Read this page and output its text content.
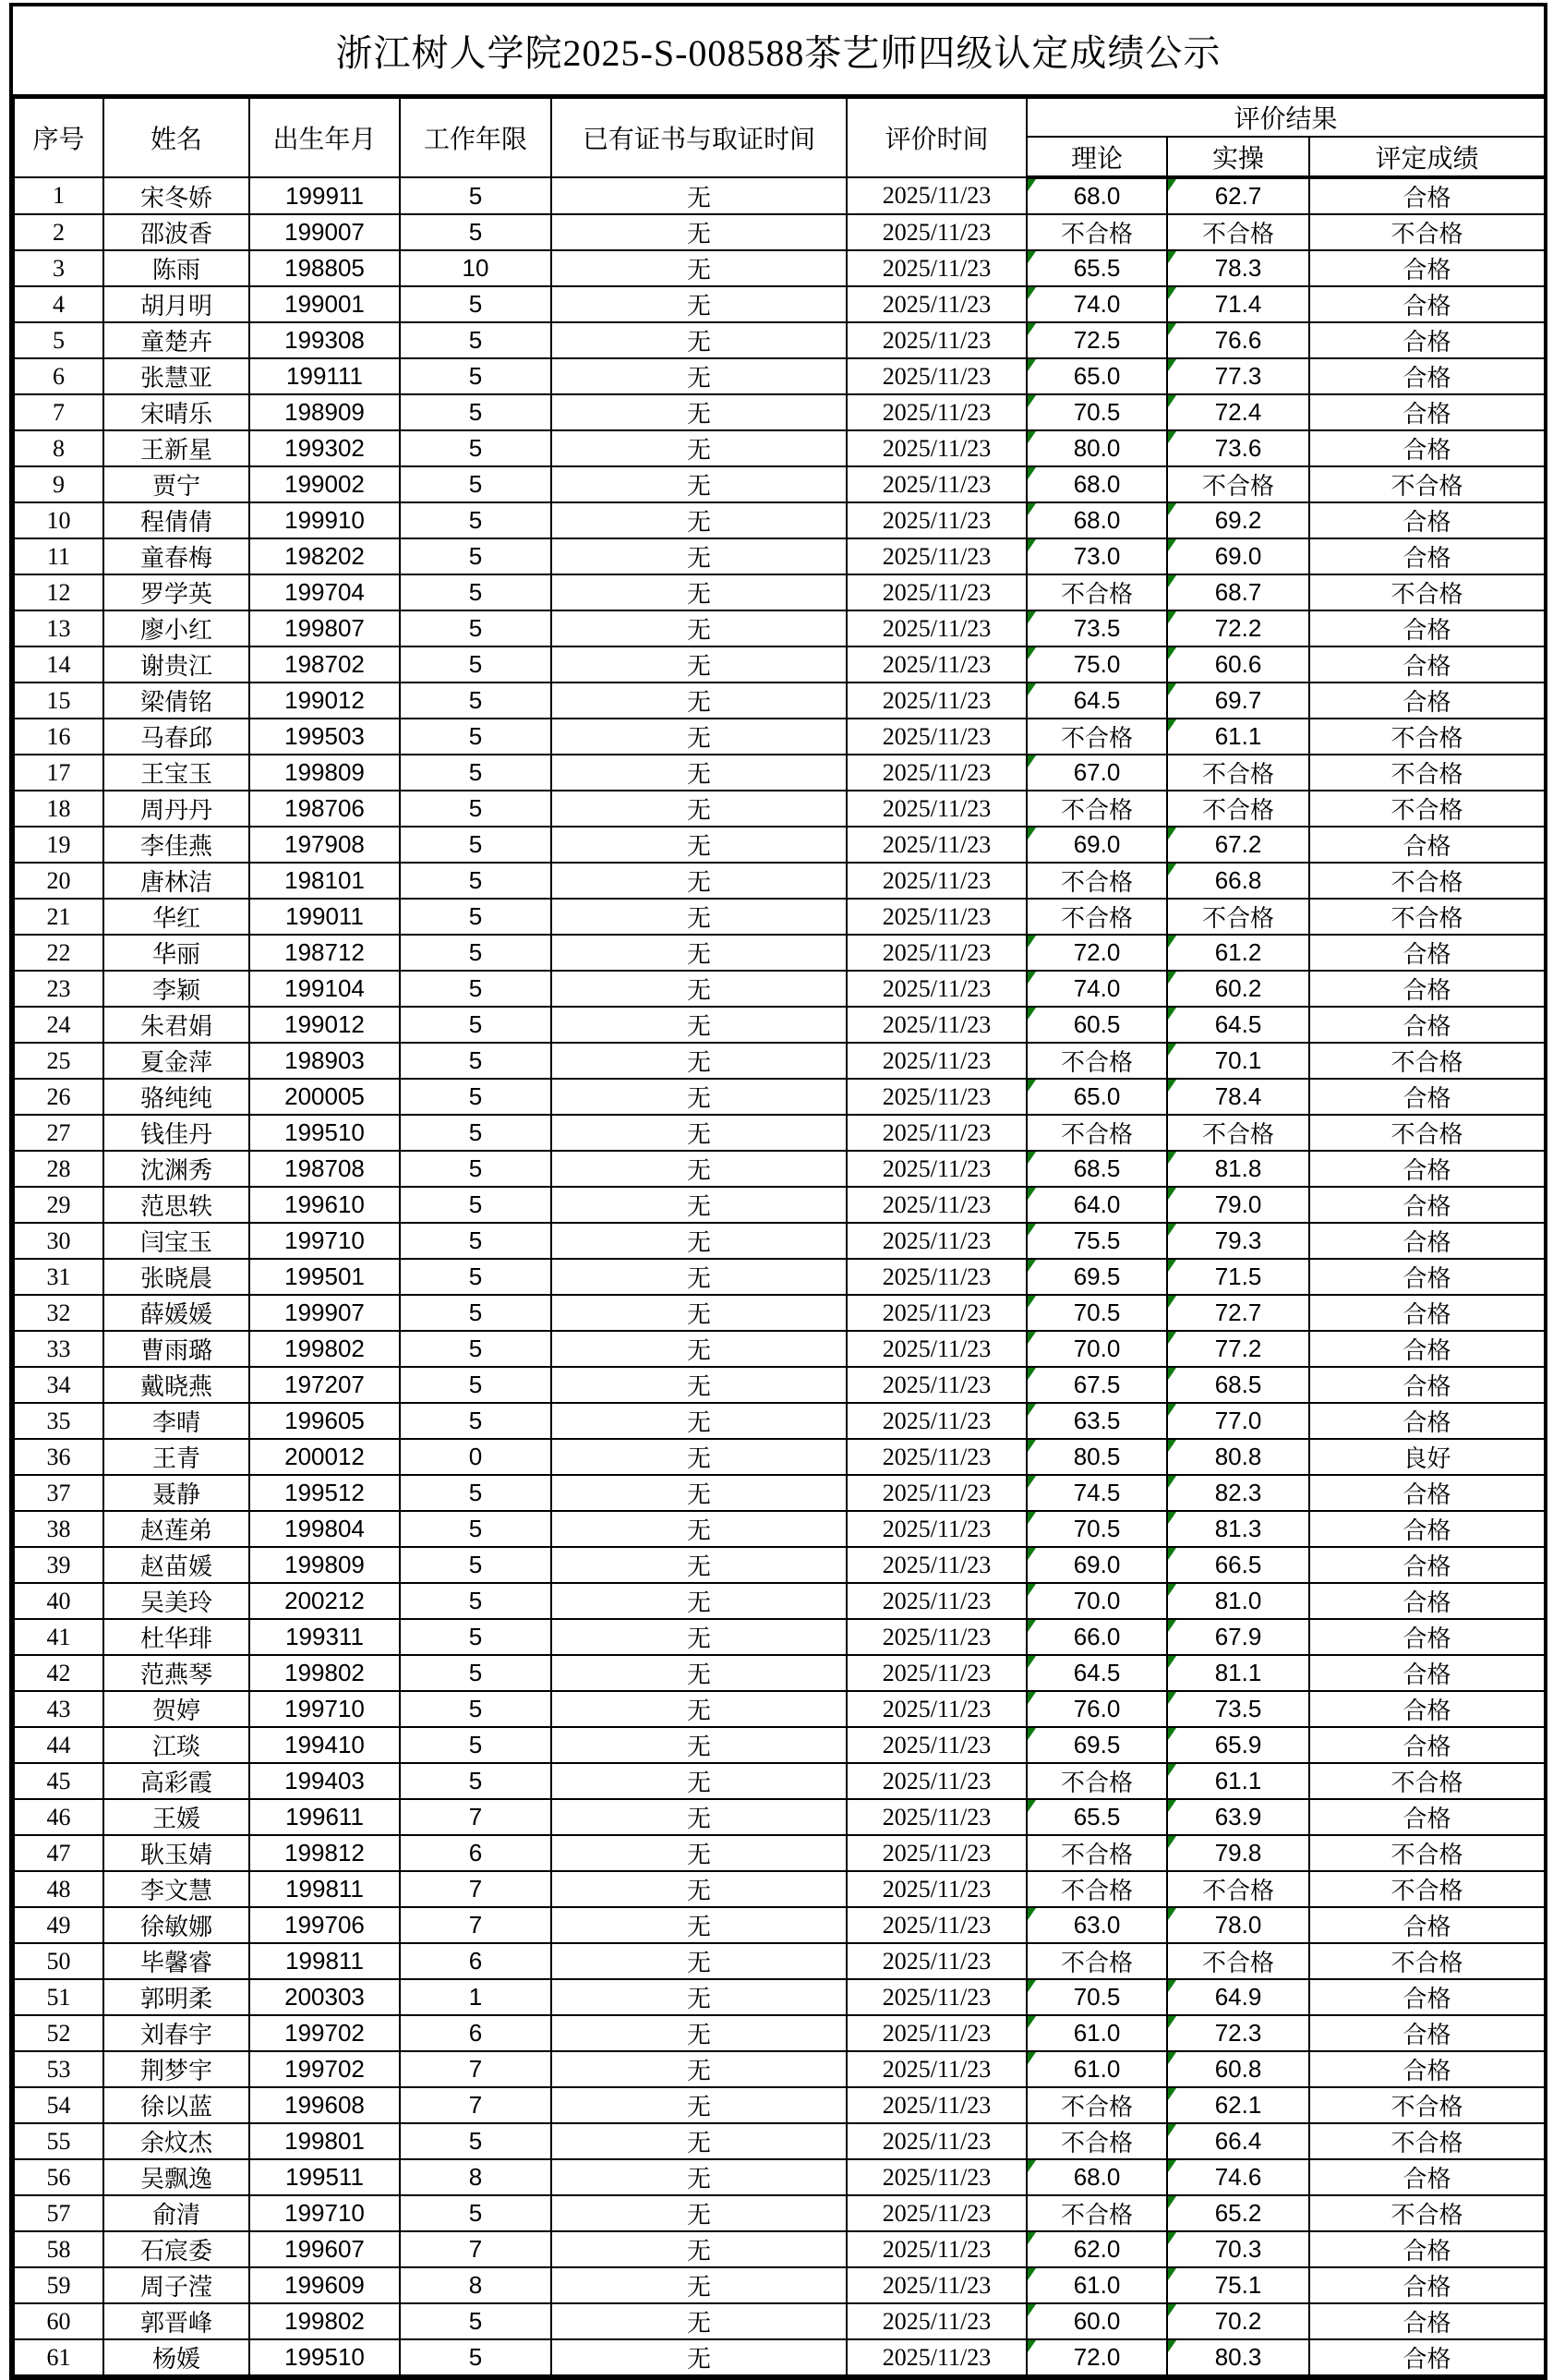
浙江树人学院2025-S-008588茶艺师四级认定成绩公示
序号	姓名	出生年月	工作年限	已有证书与取证时间	评价时间	评价结果		
						理论	实操	评定成绩
1	宋冬娇	199911	5	无	2025/11/23	68.0	62.7	合格
2	邵波香	199007	5	无	2025/11/23	不合格	不合格	不合格
3	陈雨	198805	10	无	2025/11/23	65.5	78.3	合格
4	胡月明	199001	5	无	2025/11/23	74.0	71.4	合格
5	童楚卉	199308	5	无	2025/11/23	72.5	76.6	合格
6	张慧亚	199111	5	无	2025/11/23	65.0	77.3	合格
7	宋晴乐	198909	5	无	2025/11/23	70.5	72.4	合格
8	王新星	199302	5	无	2025/11/23	80.0	73.6	合格
9	贾宁	199002	5	无	2025/11/23	68.0	不合格	不合格
10	程倩倩	199910	5	无	2025/11/23	68.0	69.2	合格
11	童春梅	198202	5	无	2025/11/23	73.0	69.0	合格
12	罗学英	199704	5	无	2025/11/23	不合格	68.7	不合格
13	廖小红	199807	5	无	2025/11/23	73.5	72.2	合格
14	谢贵江	198702	5	无	2025/11/23	75.0	60.6	合格
15	梁倩铭	199012	5	无	2025/11/23	64.5	69.7	合格
16	马春邱	199503	5	无	2025/11/23	不合格	61.1	不合格
17	王宝玉	199809	5	无	2025/11/23	67.0	不合格	不合格
18	周丹丹	198706	5	无	2025/11/23	不合格	不合格	不合格
19	李佳燕	197908	5	无	2025/11/23	69.0	67.2	合格
20	唐林洁	198101	5	无	2025/11/23	不合格	66.8	不合格
21	华红	199011	5	无	2025/11/23	不合格	不合格	不合格
22	华丽	198712	5	无	2025/11/23	72.0	61.2	合格
23	李颖	199104	5	无	2025/11/23	74.0	60.2	合格
24	朱君娟	199012	5	无	2025/11/23	60.5	64.5	合格
25	夏金萍	198903	5	无	2025/11/23	不合格	70.1	不合格
26	骆纯纯	200005	5	无	2025/11/23	65.0	78.4	合格
27	钱佳丹	199510	5	无	2025/11/23	不合格	不合格	不合格
28	沈渊秀	198708	5	无	2025/11/23	68.5	81.8	合格
29	范思轶	199610	5	无	2025/11/23	64.0	79.0	合格
30	闫宝玉	199710	5	无	2025/11/23	75.5	79.3	合格
31	张晓晨	199501	5	无	2025/11/23	69.5	71.5	合格
32	薛媛媛	199907	5	无	2025/11/23	70.5	72.7	合格
33	曹雨璐	199802	5	无	2025/11/23	70.0	77.2	合格
34	戴晓燕	197207	5	无	2025/11/23	67.5	68.5	合格
35	李晴	199605	5	无	2025/11/23	63.5	77.0	合格
36	王青	200012	0	无	2025/11/23	80.5	80.8	良好
37	聂静	199512	5	无	2025/11/23	74.5	82.3	合格
38	赵莲弟	199804	5	无	2025/11/23	70.5	81.3	合格
39	赵苗媛	199809	5	无	2025/11/23	69.0	66.5	合格
40	吴美玲	200212	5	无	2025/11/23	70.0	81.0	合格
41	杜华琲	199311	5	无	2025/11/23	66.0	67.9	合格
42	范燕琴	199802	5	无	2025/11/23	64.5	81.1	合格
43	贺婷	199710	5	无	2025/11/23	76.0	73.5	合格
44	江琰	199410	5	无	2025/11/23	69.5	65.9	合格
45	高彩霞	199403	5	无	2025/11/23	不合格	61.1	不合格
46	王媛	199611	7	无	2025/11/23	65.5	63.9	合格
47	耿玉婧	199812	6	无	2025/11/23	不合格	79.8	不合格
48	李文慧	199811	7	无	2025/11/23	不合格	不合格	不合格
49	徐敏娜	199706	7	无	2025/11/23	63.0	78.0	合格
50	毕馨睿	199811	6	无	2025/11/23	不合格	不合格	不合格
51	郭明柔	200303	1	无	2025/11/23	70.5	64.9	合格
52	刘春宇	199702	6	无	2025/11/23	61.0	72.3	合格
53	荆梦宇	199702	7	无	2025/11/23	61.0	60.8	合格
54	徐以蓝	199608	7	无	2025/11/23	不合格	62.1	不合格
55	余炆杰	199801	5	无	2025/11/23	不合格	66.4	不合格
56	吴飘逸	199511	8	无	2025/11/23	68.0	74.6	合格
57	俞清	199710	5	无	2025/11/23	不合格	65.2	不合格
58	石宸委	199607	7	无	2025/11/23	62.0	70.3	合格
59	周子滢	199609	8	无	2025/11/23	61.0	75.1	合格
60	郭晋峰	199802	5	无	2025/11/23	60.0	70.2	合格
61	杨媛	199510	5	无	2025/11/23	72.0	80.3	合格
